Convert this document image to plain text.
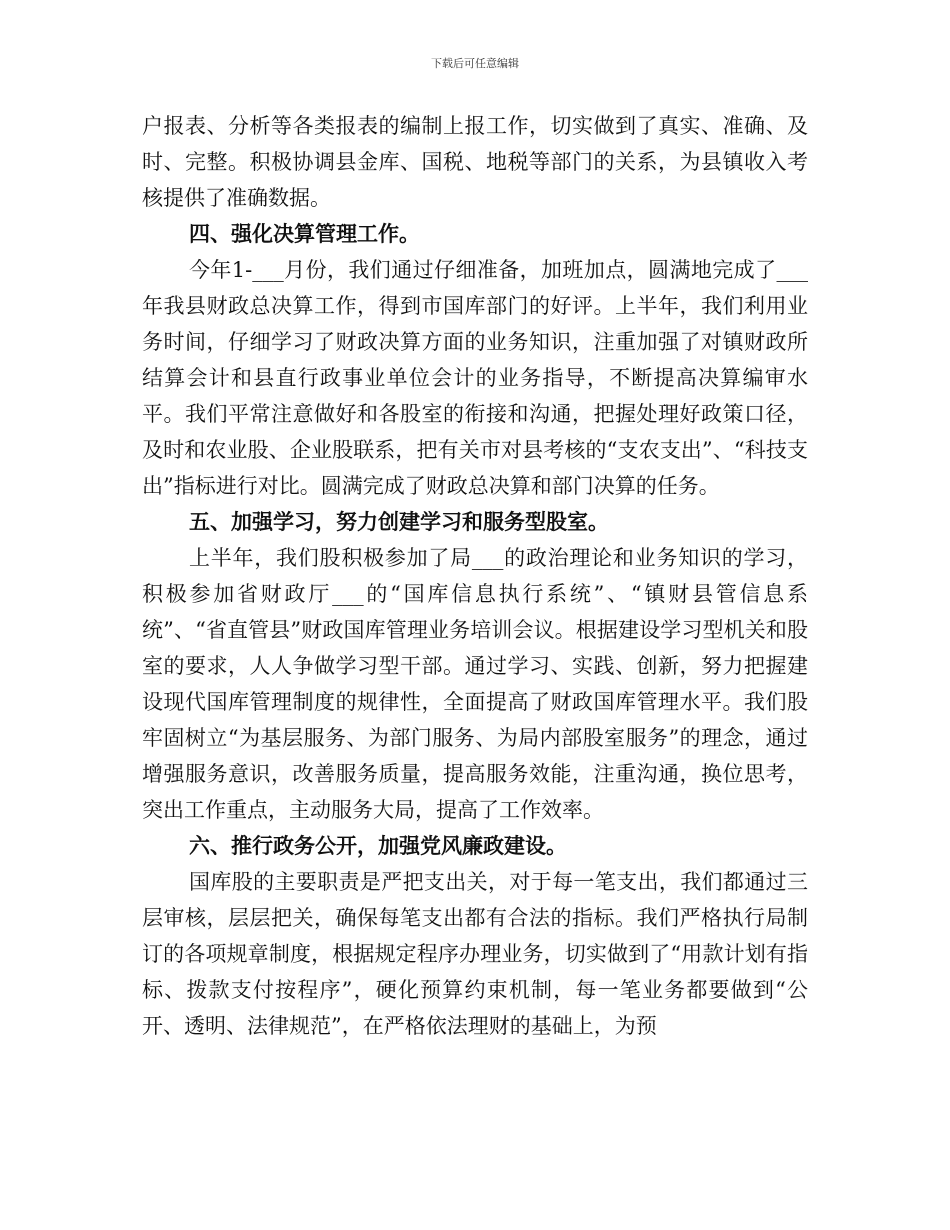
下载后可任意编辑

户报表、分析等各类报表的编制上报工作，切实做到了真实、准确、及时、完整。积极协调县金库、国税、地税等部门的关系，为县镇收入考核提供了准确数据。

四、强化决算管理工作。

今年1-___月份，我们通过仔细准备，加班加点，圆满地完成了___年我县财政总决算工作，得到市国库部门的好评。上半年，我们利用业务时间，仔细学习了财政决算方面的业务知识，注重加强了对镇财政所结算会计和县直行政事业单位会计的业务指导，不断提高决算编审水平。我们平常注意做好和各股室的衔接和沟通，把握处理好政策口径，及时和农业股、企业股联系，把有关市对县考核的“支农支出”、“科技支出”指标进行对比。圆满完成了财政总决算和部门决算的任务。

五、加强学习，努力创建学习和服务型股室。

上半年，我们股积极参加了局___的政治理论和业务知识的学习，积极参加省财政厅___的“国库信息执行系统”、“镇财县管信息系统”、“省直管县”财政国库管理业务培训会议。根据建设学习型机关和股室的要求，人人争做学习型干部。通过学习、实践、创新，努力把握建设现代国库管理制度的规律性，全面提高了财政国库管理水平。我们股牢固树立“为基层服务、为部门服务、为局内部股室服务”的理念，通过增强服务意识，改善服务质量，提高服务效能，注重沟通，换位思考，突出工作重点，主动服务大局，提高了工作效率。

六、推行政务公开，加强党风廉政建设。

国库股的主要职责是严把支出关，对于每一笔支出，我们都通过三层审核，层层把关，确保每笔支出都有合法的指标。我们严格执行局制订的各项规章制度，根据规定程序办理业务，切实做到了“用款计划有指标、拨款支付按程序”，硬化预算约束机制，每一笔业务都要做到“公开、透明、法律规范”，在严格依法理财的基础上，为预
